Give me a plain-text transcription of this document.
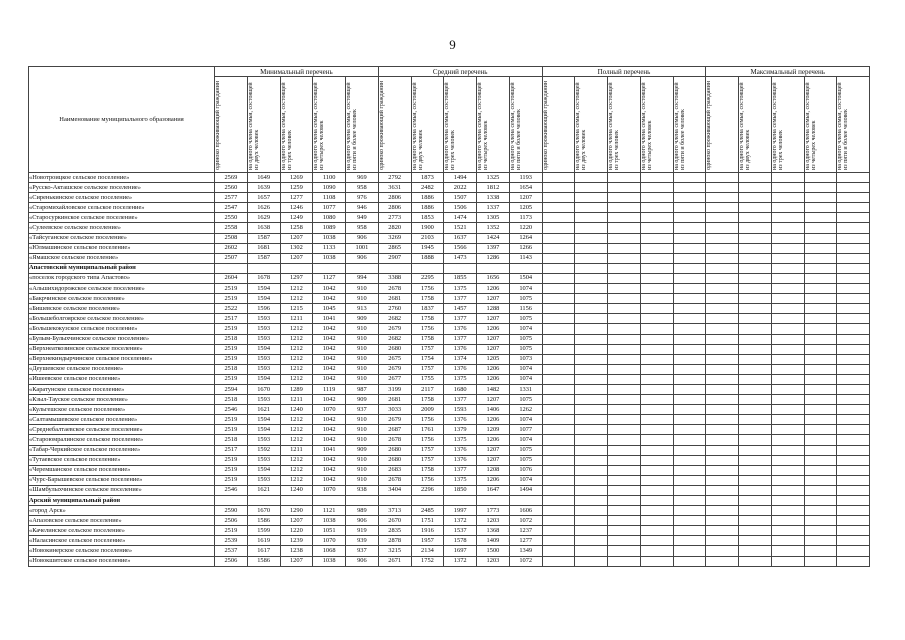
9
Наименование муниципального образования	Минимальный перечень					Средний перечень					Полный перечень					Максимальный перечень				

	одиноко проживающий гражданин	на одного члена семьи, состоящей из двух человек	на одного члена семьи, состоящей из трех человек	на одного члена семьи, состоящей из четырех человек	на одного члена семьи, состоящей из пяти и более человек	одиноко проживающий гражданин	на одного члена семьи, состоящей из двух человек	на одного члена семьи, состоящей из трех человек	на одного члена семьи, состоящей из четырех человек	на одного члена семьи, состоящей из пяти и более человек	одиноко проживающий гражданин	на одного члена семьи, состоящей из двух человек	на одного члена семьи, состоящей из трех человек	на одного члена семьи, состоящей из четырех человек	на одного члена семьи, состоящей из пяти и более человек	одиноко проживающий гражданин	на одного члена семьи, состоящей из двух человек	на одного члена семьи, состоящей из трех человек	на одного члена семьи, состоящей из четырех человек	на одного члена семьи, состоящей из пяти и более человек

«Новотроицкое сельское поселение»	2569	1649	1269	1100	969	2792	1873	1494	1325	1193										
«Русско-Акташское сельское поселение»	2560	1639	1259	1090	958	3631	2482	2022	1812	1654										
«Сиренькинское сельское поселение»	2577	1657	1277	1108	976	2806	1886	1507	1338	1207										
«Старомихайловское сельское поселение»	2547	1626	1246	1077	946	2806	1886	1506	1337	1205										
«Старосуркинское сельское поселение»	2550	1629	1249	1080	949	2773	1853	1474	1305	1173										
«Сулеевское сельское поселение»	2558	1638	1258	1089	958	2820	1900	1521	1352	1220										
«Тайсуганское сельское поселение»	2508	1587	1207	1038	906	3269	2103	1637	1424	1264										
«Юлмашинское сельское поселение»	2602	1681	1302	1133	1001	2865	1945	1566	1397	1266										
«Ямашское сельское поселение»	2507	1587	1207	1038	906	2907	1888	1473	1286	1143										
Апастовский муниципальный район																				
«поселок городского типа Апастово»	2604	1678	1297	1127	994	3388	2295	1855	1656	1504										
«Альшихидорожское сельское поселение»	2519	1594	1212	1042	910	2678	1756	1375	1206	1074										
«Бакрчинское сельское поселение»	2519	1594	1212	1042	910	2681	1758	1377	1207	1075										
«Бишевское сельское поселение»	2522	1596	1215	1045	913	2760	1837	1457	1288	1156										
«Большеболгоярское сельское поселение»	2517	1593	1211	1041	909	2682	1758	1377	1207	1075										
«Большекокузское сельское поселение»	2519	1593	1212	1042	910	2679	1756	1376	1206	1074										
«Булым-Булыхчинское сельское поселение»	2518	1593	1212	1042	910	2682	1758	1377	1207	1075										
«Верхнеаткозинское сельское поселение»	2519	1594	1212	1042	910	2680	1757	1376	1207	1075										
«Верхнекиндырчинское сельское поселение»	2519	1593	1212	1042	910	2675	1754	1374	1205	1073										
«Деушевское сельское поселение»	2518	1593	1212	1042	910	2679	1757	1376	1206	1074										
«Ишеевское сельское поселение»	2519	1594	1212	1042	910	2677	1755	1375	1206	1074										
«Каратунское сельское поселение»	2594	1670	1289	1119	987	3199	2117	1680	1482	1331										
«Кзыл-Тауское сельское поселение»	2518	1593	1211	1042	909	2681	1758	1377	1207	1075										
«Кульгешское сельское поселение»	2546	1621	1240	1070	937	3033	2009	1593	1406	1262										
«Салтамышевское сельское поселение»	2519	1594	1212	1042	910	2679	1756	1376	1206	1074										
«Среднебалтаевское сельское поселение»	2519	1594	1212	1042	910	2687	1761	1379	1209	1077										
«Староюмралинское сельское поселение»	2518	1593	1212	1042	910	2678	1756	1375	1206	1074										
«Табар-Черкийское сельское поселение»	2517	1592	1211	1041	909	2680	1757	1376	1207	1075										
«Тутаевское сельское поселение»	2519	1593	1212	1042	910	2680	1757	1376	1207	1075										
«Черемшанское сельское поселение»	2519	1594	1212	1042	910	2683	1758	1377	1208	1076										
«Чурс-Барышевское сельское поселение»	2519	1593	1212	1042	910	2678	1756	1375	1206	1074										
«Шамбулыхчинское сельское поселение»	2546	1621	1240	1070	938	3404	2296	1850	1647	1494										
Арский муниципальный район																				
«город Арск»	2590	1670	1290	1121	989	3713	2485	1997	1773	1606										
«Апазовское сельское поселение»	2506	1586	1207	1038	906	2670	1751	1372	1203	1072										
«Качелинское сельское поселение»	2519	1599	1220	1051	919	2835	1916	1537	1368	1237										
«Наласинское сельское поселение»	2539	1619	1239	1070	939	2878	1957	1578	1409	1277										
«Новокинерское сельское поселение»	2537	1617	1238	1068	937	3215	2134	1697	1500	1349										
«Новокшитское сельское поселение»	2506	1586	1207	1038	906	2671	1752	1372	1203	1072										
